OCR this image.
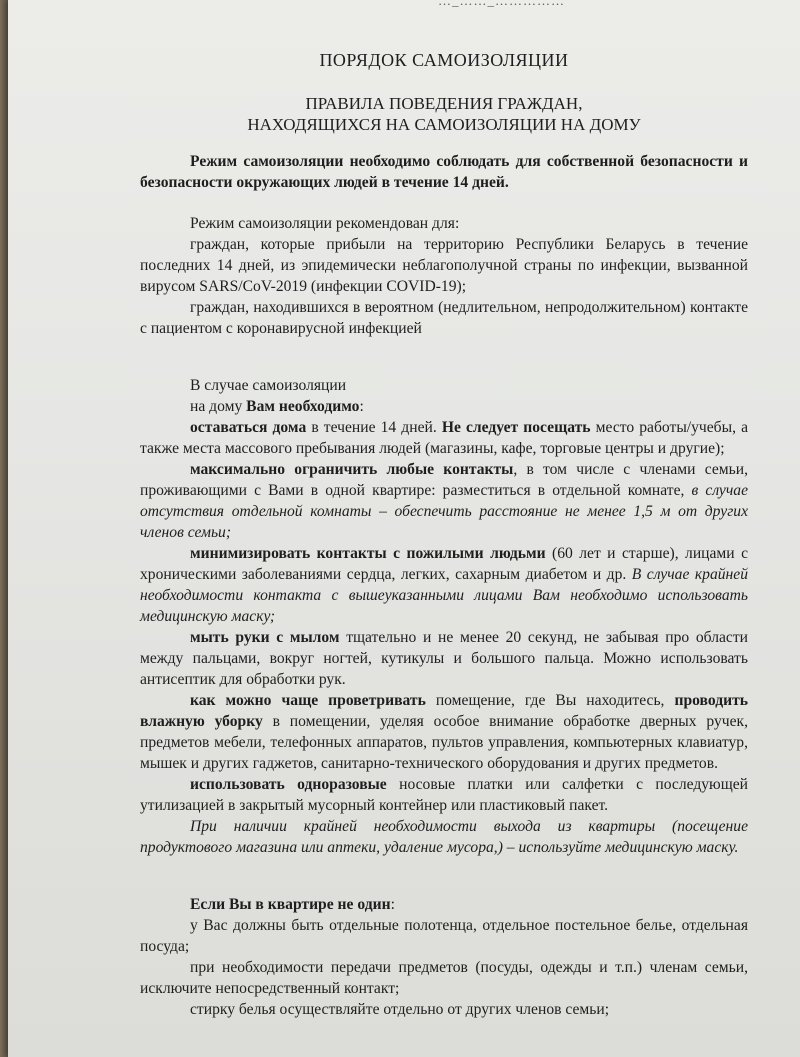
…_……_……………
ПОРЯДОК САМОИЗОЛЯЦИИ
ПРАВИЛА ПОВЕДЕНИЯ ГРАЖДАН,
НАХОДЯЩИХСЯ НА САМОИЗОЛЯЦИИ НА ДОМУ

Режим самоизоляции необходимо соблюдать для собственной безопасности и безопасности окружающих людей в течение 14 дней.

Режим самоизоляции рекомендован для:

граждан, которые прибыли на территорию Республики Беларусь в течение последних 14 дней, из эпидемически неблагополучной страны по инфекции, вызванной вирусом SARS/CoV-2019 (инфекции COVID-19);

граждан, находившихся в вероятном (недлительном, непродолжительном) контакте с пациентом с коронавирусной инфекцией

В случае самоизоляции

на дому Вам необходимо:

оставаться дома в течение 14 дней. Не следует посещать место работы/учебы, а также места массового пребывания людей (магазины, кафе, торговые центры и другие);

максимально ограничить любые контакты, в том числе с членами семьи, проживающими с Вами в одной квартире: разместиться в отдельной комнате, в случае отсутствия отдельной комнаты – обеспечить расстояние не менее 1,5 м от других членов семьи;

минимизировать контакты с пожилыми людьми (60 лет и старше), лицами с хроническими заболеваниями сердца, легких, сахарным диабетом и др. В случае крайней необходимости контакта с вышеуказанными лицами Вам необходимо использовать медицинскую маску;

мыть руки с мылом тщательно и не менее 20 секунд, не забывая про области между пальцами, вокруг ногтей, кутикулы и большого пальца. Можно использовать антисептик для обработки рук.

как можно чаще проветривать помещение, где Вы находитесь, проводить влажную уборку в помещении, уделяя особое внимание обработке дверных ручек, предметов мебели, телефонных аппаратов, пультов управления, компьютерных клавиатур, мышек и других гаджетов, санитарно-технического оборудования и других предметов.

использовать одноразовые носовые платки или салфетки с последующей утилизацией в закрытый мусорный контейнер или пластиковый пакет.

При наличии крайней необходимости выхода из квартиры (посещение продуктового магазина или аптеки, удаление мусора,) – используйте медицинскую маску.

Если Вы в квартире не один:

у Вас должны быть отдельные полотенца, отдельное постельное белье, отдельная посуда;

при необходимости передачи предметов (посуды, одежды и т.п.) членам семьи, исключите непосредственный контакт;

стирку белья осуществляйте отдельно от других членов семьи;
